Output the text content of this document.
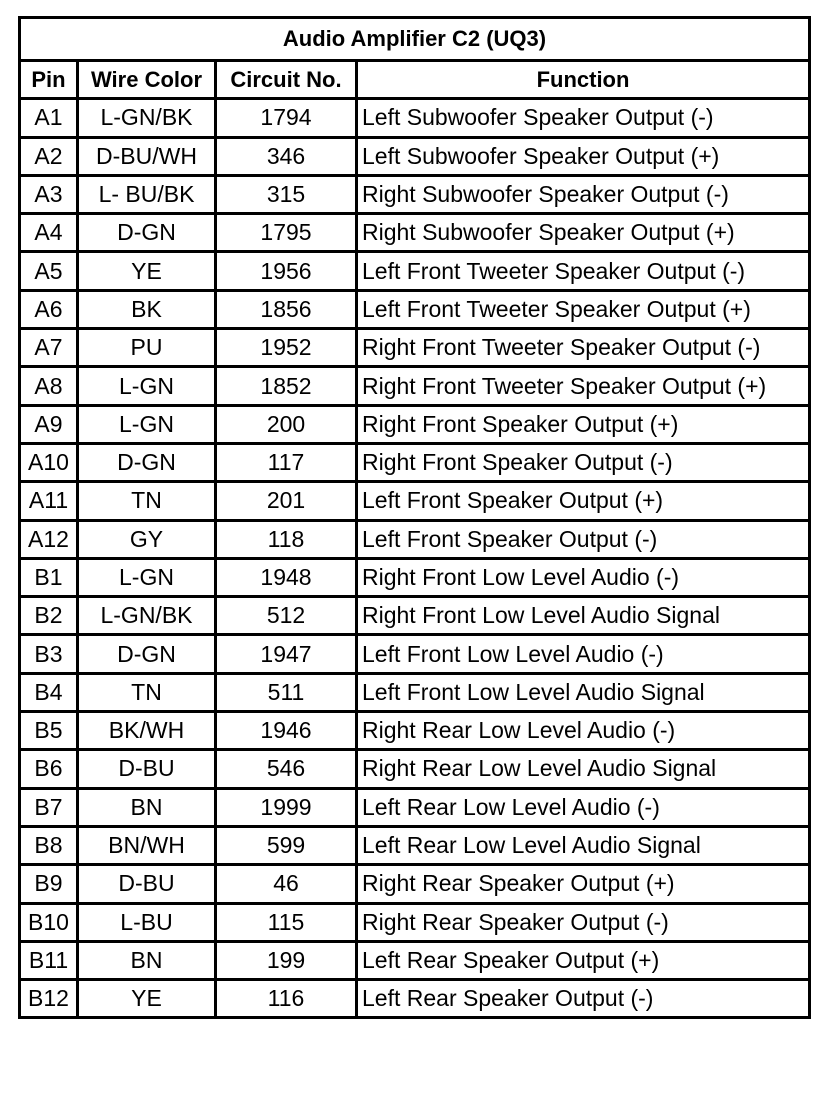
Audio Amplifier C2 (UQ3)			
Pin	Wire Color	Circuit No.	Function
A1	L-GN/BK	1794	Left Subwoofer Speaker Output (-)
A2	D-BU/WH	346	Left Subwoofer Speaker Output (+)
A3	L- BU/BK	315	Right Subwoofer Speaker Output (-)
A4	D-GN	1795	Right Subwoofer Speaker Output (+)
A5	YE	1956	Left Front Tweeter Speaker Output (-)
A6	BK	1856	Left Front Tweeter Speaker Output (+)
A7	PU	1952	Right Front Tweeter Speaker Output (-)
A8	L-GN	1852	Right Front Tweeter Speaker Output (+)
A9	L-GN	200	Right Front Speaker Output (+)
A10	D-GN	117	Right Front Speaker Output (-)
A11	TN	201	Left Front Speaker Output (+)
A12	GY	118	Left Front Speaker Output (-)
B1	L-GN	1948	Right Front Low Level Audio (-)
B2	L-GN/BK	512	Right Front Low Level Audio Signal
B3	D-GN	1947	Left Front Low Level Audio (-)
B4	TN	511	Left Front Low Level Audio Signal
B5	BK/WH	1946	Right Rear Low Level Audio (-)
B6	D-BU	546	Right Rear Low Level Audio Signal
B7	BN	1999	Left Rear Low Level Audio (-)
B8	BN/WH	599	Left Rear Low Level Audio Signal
B9	D-BU	46	Right Rear Speaker Output (+)
B10	L-BU	115	Right Rear Speaker Output (-)
B11	BN	199	Left Rear Speaker Output (+)
B12	YE	116	Left Rear Speaker Output (-)
